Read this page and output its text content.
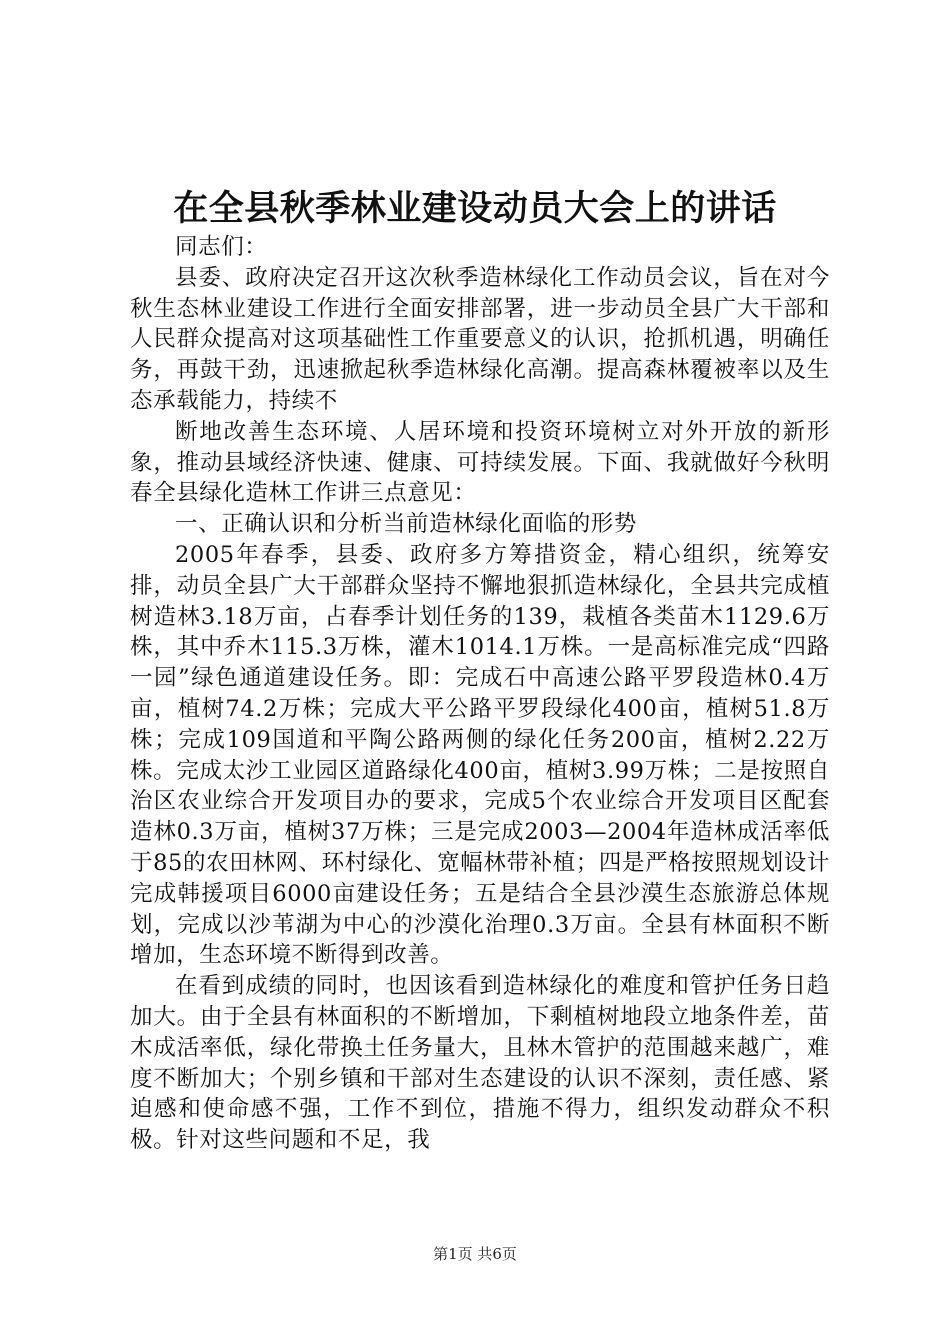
在全县秋季林业建设动员大会上的讲话

同志们：

县委、政府决定召开这次秋季造林绿化工作动员会议，旨在对今秋生态林业建设工作进行全面安排部署，进一步动员全县广大干部和人民群众提高对这项基础性工作重要意义的认识，抢抓机遇，明确任务，再鼓干劲，迅速掀起秋季造林绿化高潮。提高森林覆被率以及生态承载能力，持续不

断地改善生态环境、人居环境和投资环境树立对外开放的新形象，推动县域经济快速、健康、可持续发展。下面、我就做好今秋明春全县绿化造林工作讲三点意见：

一、正确认识和分析当前造林绿化面临的形势

2005年春季，县委、政府多方筹措资金，精心组织，统筹安排，动员全县广大干部群众坚持不懈地狠抓造林绿化，全县共完成植树造林3.18万亩，占春季计划任务的139，栽植各类苗木1129.6万株，其中乔木115.3万株，灌木1014.1万株。一是高标准完成“四路一园”绿色通道建设任务。即：完成石中高速公路平罗段造林0.4万亩，植树74.2万株；完成大平公路平罗段绿化400亩，植树51.8万株；完成109国道和平陶公路两侧的绿化任务200亩，植树2.22万株。完成太沙工业园区道路绿化400亩，植树3.99万株；二是按照自治区农业综合开发项目办的要求，完成5个农业综合开发项目区配套造林0.3万亩，植树37万株；三是完成2003—2004年造林成活率低于85的农田林网、环村绿化、宽幅林带补植；四是严格按照规划设计完成韩援项目6000亩建设任务；五是结合全县沙漠生态旅游总体规划，完成以沙苇湖为中心的沙漠化治理0.3万亩。全县有林面积不断增加，生态环境不断得到改善。

在看到成绩的同时，也因该看到造林绿化的难度和管护任务日趋加大。由于全县有林面积的不断增加，下剩植树地段立地条件差，苗木成活率低，绿化带换土任务量大，且林木管护的范围越来越广，难度不断加大；个别乡镇和干部对生态建设的认识不深刻，责任感、紧迫感和使命感不强，工作不到位，措施不得力，组织发动群众不积极。针对这些问题和不足，我

第1页 共6页
